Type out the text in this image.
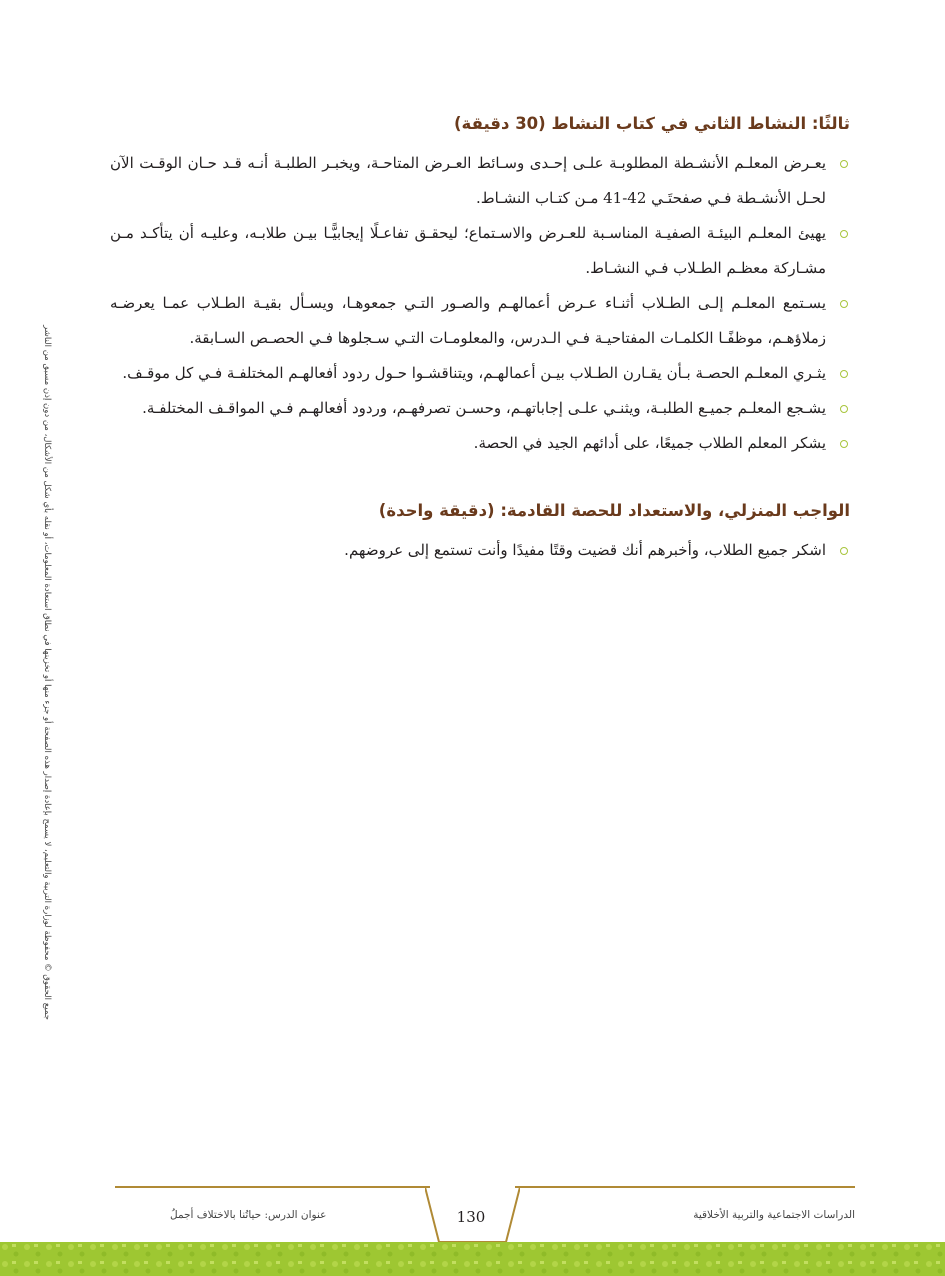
جميع الحقوق © محفوظة لوزارة التربية والتعليم، لا يسمح بإعادة إصدار هذه الصفحة أو جزء منها أو تخزينها في نطاق استعادة المعلومات، أو نقله بأي شكل من الأشكال، من دون إذن مسبق من الناشر
ثالثًا: النشاط الثاني في كتاب النشاط (30 دقيقة)
يعـرض المعلـم الأنشـطة المطلوبـة علـى إحـدى وسـائط العـرض المتاحـة، ويخبـر الطلبـة أنـه قـد حـان الوقـت الآن لحـل الأنشـطة فـي صفحتَـي 42-41 مـن كتـاب النشـاط.
يهيئ المعلـم البيئـة الصفيـة المناسـبة للعـرض والاسـتماع؛ ليحقـق تفاعـلًا إيجابيًّـا بيـن طلابـه، وعليـه أن يتأكـد مـن مشـاركة معظـم الطـلاب فـي النشـاط.
يسـتمع المعلـم إلـى الطـلاب أثنـاء عـرض أعمالهـم والصـور التـي جمعوهـا، ويسـأل بقيـة الطـلاب عمـا يعرضـه زملاؤهـم، موظفًـا الكلمـات المفتاحيـة فـي الـدرس، والمعلومـات التـي سـجلوها فـي الحصـص السـابقة.
يثـري المعلـم الحصـة بـأن يقـارن الطـلاب بيـن أعمالهـم، ويتناقشـوا حـول ردود أفعالهـم المختلفـة فـي كل موقـف.
يشـجع المعلـم جميـع الطلبـة، ويثنـي علـى إجاباتهـم، وحسـن تصرفهـم، وردود أفعالهـم فـي المواقـف المختلفـة.
يشكر المعلم الطلاب جميعًا، على أدائهم الجيد في الحصة.
الواجب المنزلي، والاستعداد للحصة القادمة: (دقيقة واحدة)
اشكر جميع الطلاب، وأخبرهم أنك قضيت وقتًا مفيدًا وأنت تستمع إلى عروضهم.
130	الدراسات الاجتماعية والتربية الأخلاقية
عنوان الدرس: حياتُنا بالاختلاف أجملُ
